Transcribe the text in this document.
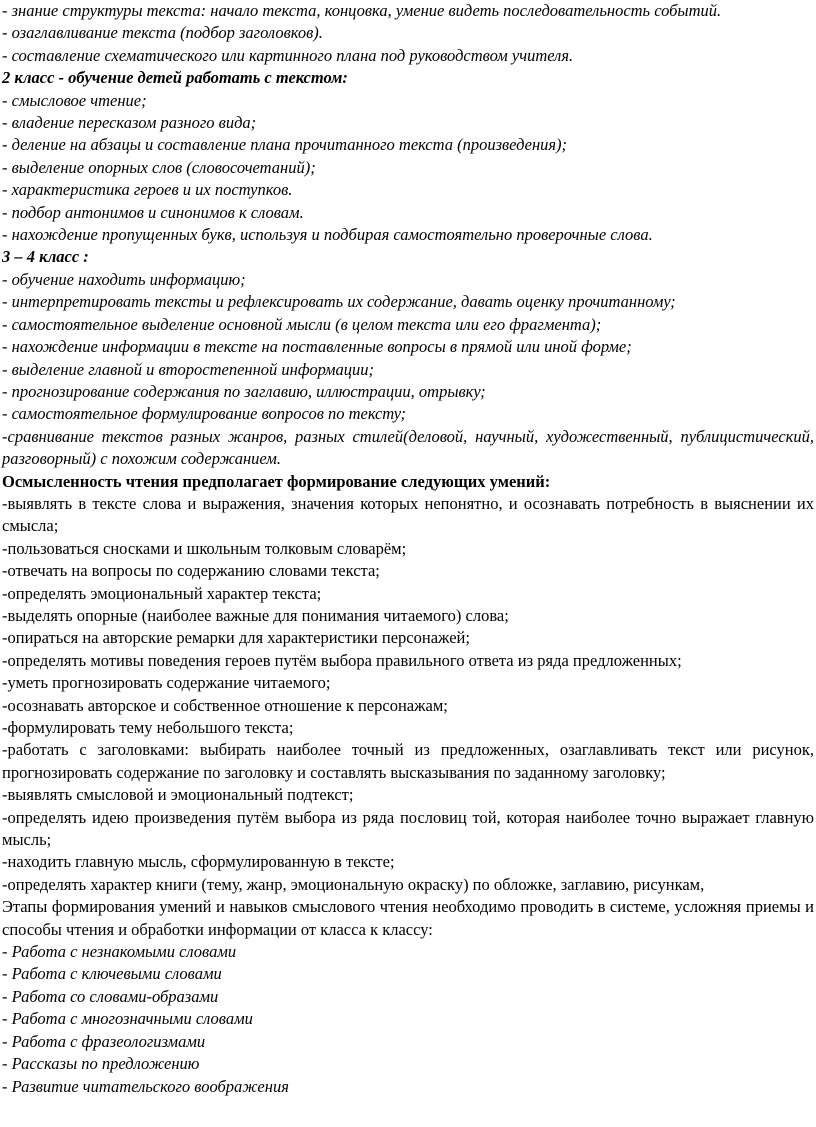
- знание структуры текста: начало текста, концовка, умение видеть последовательность событий.

- озаглавливание текста (подбор заголовков).

- составление схематического или картинного плана под руководством учителя.

2 класс - обучение детей работать с текстом:

- смысловое чтение;

- владение пересказом разного вида;

- деление на абзацы и составление плана прочитанного текста (произведения);

- выделение опорных слов (словосочетаний);

- характеристика героев и их поступков.

- подбор антонимов и синонимов к словам.

- нахождение пропущенных букв, используя и подбирая самостоятельно проверочные слова.

3 – 4 класс :

- обучение находить информацию;

- интерпретировать тексты и рефлексировать их содержание, давать оценку прочитанному;

- самостоятельное выделение основной мысли (в целом текста или его фрагмента);

- нахождение информации в тексте на поставленные вопросы в прямой или иной форме;

- выделение главной и второстепенной информации;

- прогнозирование содержания по заглавию, иллюстрации, отрывку;

- самостоятельное формулирование вопросов по тексту;

-сравнивание текстов разных жанров, разных стилей(деловой, научный, художественный, публицистический, разговорный) с похожим содержанием.

Осмысленность чтения предполагает формирование следующих умений:

-выявлять в тексте слова и выражения, значения которых непонятно, и осознавать потребность в выяснении их смысла;

-пользоваться сносками и школьным толковым словарём;

-отвечать на вопросы по содержанию словами текста;

-определять эмоциональный характер текста;

-выделять опорные (наиболее важные для понимания читаемого) слова;

-опираться на авторские ремарки для характеристики персонажей;

-определять мотивы поведения героев путём выбора правильного ответа из ряда предложенных;

-уметь прогнозировать содержание читаемого;

-осознавать авторское и собственное отношение к персонажам;

-формулировать тему небольшого текста;

-работать с заголовками: выбирать наиболее точный из предложенных, озаглавливать текст или рисунок, прогнозировать содержание по заголовку и составлять высказывания по заданному заголовку;

-выявлять смысловой и эмоциональный подтекст;

-определять идею произведения путём выбора из ряда пословиц той, которая наиболее точно выражает главную мысль;

-находить главную мысль, сформулированную в тексте;

-определять характер книги (тему, жанр, эмоциональную окраску) по обложке, заглавию, рисункам,

Этапы формирования умений и навыков смыслового чтения необходимо проводить в системе, усложняя приемы и способы чтения и обработки информации от класса к классу:

- Работа с незнакомыми словами

- Работа с ключевыми словами

- Работа со словами-образами

- Работа с многозначными словами

- Работа с фразеологизмами

- Рассказы по предложению

- Развитие читательского воображения
